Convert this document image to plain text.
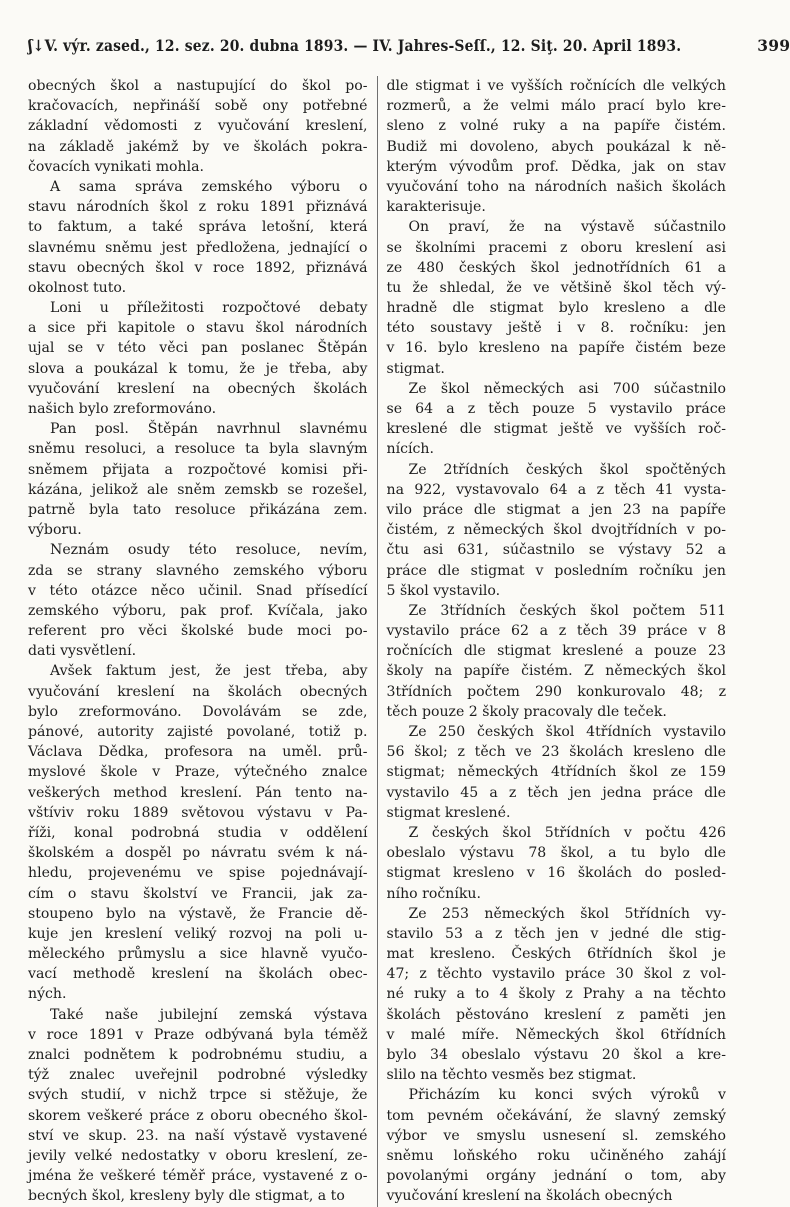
ʃ↓V. výr. zased., 12. sez. 20. dubna 1893. — IV. Jahres-Seſſ., 12. Siţ. 20. April 1893.	399
obecných škol a nastupující do škol po-
kračovacích, nepřináší sobě ony potřebné
základní vědomosti z vyučování kreslení,
na základě jakémž by ve školách pokra-
čovacích vynikati mohla.
A sama správa zemského výboru o
stavu národních škol z roku 1891 přiznává
to faktum, a také správa letošní, která
slavnému sněmu jest předložena, jednající o
stavu obecných škol v roce 1892, přiznává
okolnost tuto.
Loni u příležitosti rozpočtové debaty
a sice při kapitole o stavu škol národních
ujal se v této věci pan poslanec Štěpán
slova a poukázal k tomu, že je třeba, aby
vyučování kreslení na obecných školách
našich bylo zreformováno.
Pan posl. Štěpán navrhnul slavnému
sněmu resoluci, a resoluce ta byla slavným
sněmem přijata a rozpočtové komisi při-
kázána, jelikož ale sněm zemskb se rozešel,
patrně byla tato resoluce přikázána zem.
výboru.
Neznám osudy této resoluce, nevím,
zda se strany slavného zemského výboru
v této otázce něco učinil. Snad přísedící
zemského výboru, pak prof. Kvíčala, jako
referent pro věci školské bude moci po-
dati vysvětlení.
Avšek faktum jest, že jest třeba, aby
vyučování kreslení na školách obecných
bylo zreformováno. Dovolávám se zde,
pánové, autority zajisté povolané, totiž p.
Václava Dědka, profesora na uměl. prů-
myslové škole v Praze, výtečného znalce
veškerých method kreslení. Pán tento na-
vštíviv roku 1889 světovou výstavu v Pa-
říži, konal podrobná studia v oddělení
školském a dospěl po návratu svém k ná-
hledu, projevenému ve spise pojednávají-
cím o stavu školství ve Francii, jak za-
stoupeno bylo na výstavě, že Francie dě-
kuje jen kreslení veliký rozvoj na poli u-
měleckého průmyslu a sice hlavně vyučo-
vací methodě kreslení na školách obec-
ných.
Také naše jubilejní zemská výstava
v roce 1891 v Praze odbývaná byla téměž
znalci podnětem k podrobnému studiu, a
týž znalec uveřejnil podrobné výsledky
svých studií, v nichž trpce si stěžuje, že
skorem veškeré práce z oboru obecného škol-
ství ve skup. 23. na naší výstavě vystavené
jevily velké nedostatky v oboru kreslení, ze-
jména že veškeré téměř práce, vystavené z o-
becných škol, kresleny byly dle stigmat, a to
dle stigmat i ve vyšších ročnících dle velkých
rozmerů, a že velmi málo prací bylo kre-
sleno z volné ruky a na papíře čistém.
Budiž mi dovoleno, abych poukázal k ně-
kterým vývodům prof. Dědka, jak on stav
vyučování toho na národních našich školách
karakterisuje.
On praví, že na výstavě súčastnilo
se školními pracemi z oboru kreslení asi
ze 480 českých škol jednotřídních 61 a
tu že shledal, že ve většině škol těch vý-
hradně dle stigmat bylo kresleno a dle
této soustavy ještě i v 8. ročníku: jen
v 16. bylo kresleno na papíře čistém beze
stigmat.
Ze škol německých asi 700 súčastnilo
se 64 a z těch pouze 5 vystavilo práce
kreslené dle stigmat ještě ve vyšších roč-
nících.
Ze 2třídních českých škol spočtěných
na 922, vystavovalo 64 a z těch 41 vysta-
vilo práce dle stigmat a jen 23 na papíře
čistém, z německých škol dvojtřídních v po-
čtu asi 631, súčastnilo se výstavy 52 a
práce dle stigmat v posledním ročníku jen
5 škol vystavilo.
Ze 3třídních českých škol počtem 511
vystavilo práce 62 a z těch 39 práce v 8
ročnících dle stigmat kreslené a pouze 23
školy na papíře čistém. Z německých škol
3třídních počtem 290 konkurovalo 48; z
těch pouze 2 školy pracovaly dle teček.
Ze 250 českých škol 4třídních vystavilo
56 škol; z těch ve 23 školách kresleno dle
stigmat; německých 4třídních škol ze 159
vystavilo 45 a z těch jen jedna práce dle
stigmat kreslené.
Z českých škol 5třídních v počtu 426
obeslalo výstavu 78 škol, a tu bylo dle
stigmat kresleno v 16 školách do posled-
ního ročníku.
Ze 253 německých škol 5třídních vy-
stavilo 53 a z těch jen v jedné dle stig-
mat kresleno. Českých 6třídních škol je
47; z těchto vystavilo práce 30 škol z vol-
né ruky a to 4 školy z Prahy a na těchto
školách pěstováno kreslení z paměti jen
v malé míře. Německých škol 6třídních
bylo 34 obeslalo výstavu 20 škol a kre-
slilo na těchto vesměs bez stigmat.
Přicházím ku konci svých výroků v
tom pevném očekávání, že slavný zemský
výbor ve smyslu usnesení sl. zemského
sněmu loňského roku učiněného zahájí
povolanými orgány jednání o tom, aby
vyučování kreslení na školách obecných
